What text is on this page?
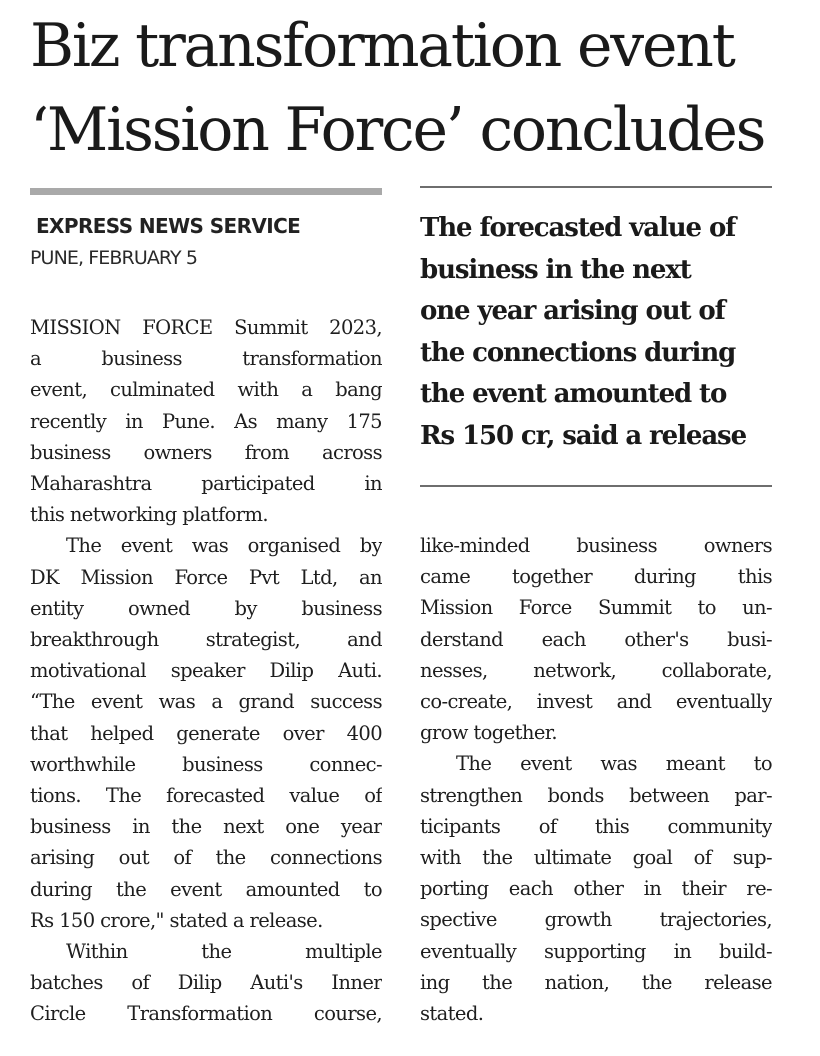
Biz transformation event
‘Mission Force’ concludes
EXPRESS NEWS SERVICE
PUNE, FEBRUARY 5
The forecasted value of
business in the next
one year arising out of
the connections during
the event amounted to
Rs 150 cr, said a release

MISSION FORCE Summit 2023,
a business transformation
event, culminated with a bang
recently in Pune. As many 175
business owners from across
Maharashtra participated in
this networking platform.

The event was organised by
DK Mission Force Pvt Ltd, an
entity owned by business
breakthrough strategist, and
motivational speaker Dilip Auti.
“The event was a grand success
that helped generate over 400
worthwhile business connec-
tions. The forecasted value of
business in the next one year
arising out of the connections
during the event amounted to
Rs 150 crore," stated a release.

Within the multiple
batches of Dilip Auti's Inner
Circle Transformation course,

like-minded business owners
came together during this
Mission Force Summit to un-
derstand each other's busi-
nesses, network, collaborate,
co-create, invest and eventually
grow together.

The event was meant to
strengthen bonds between par-
ticipants of this community
with the ultimate goal of sup-
porting each other in their re-
spective growth trajectories,
eventually supporting in build-
ing the nation, the release
stated.
